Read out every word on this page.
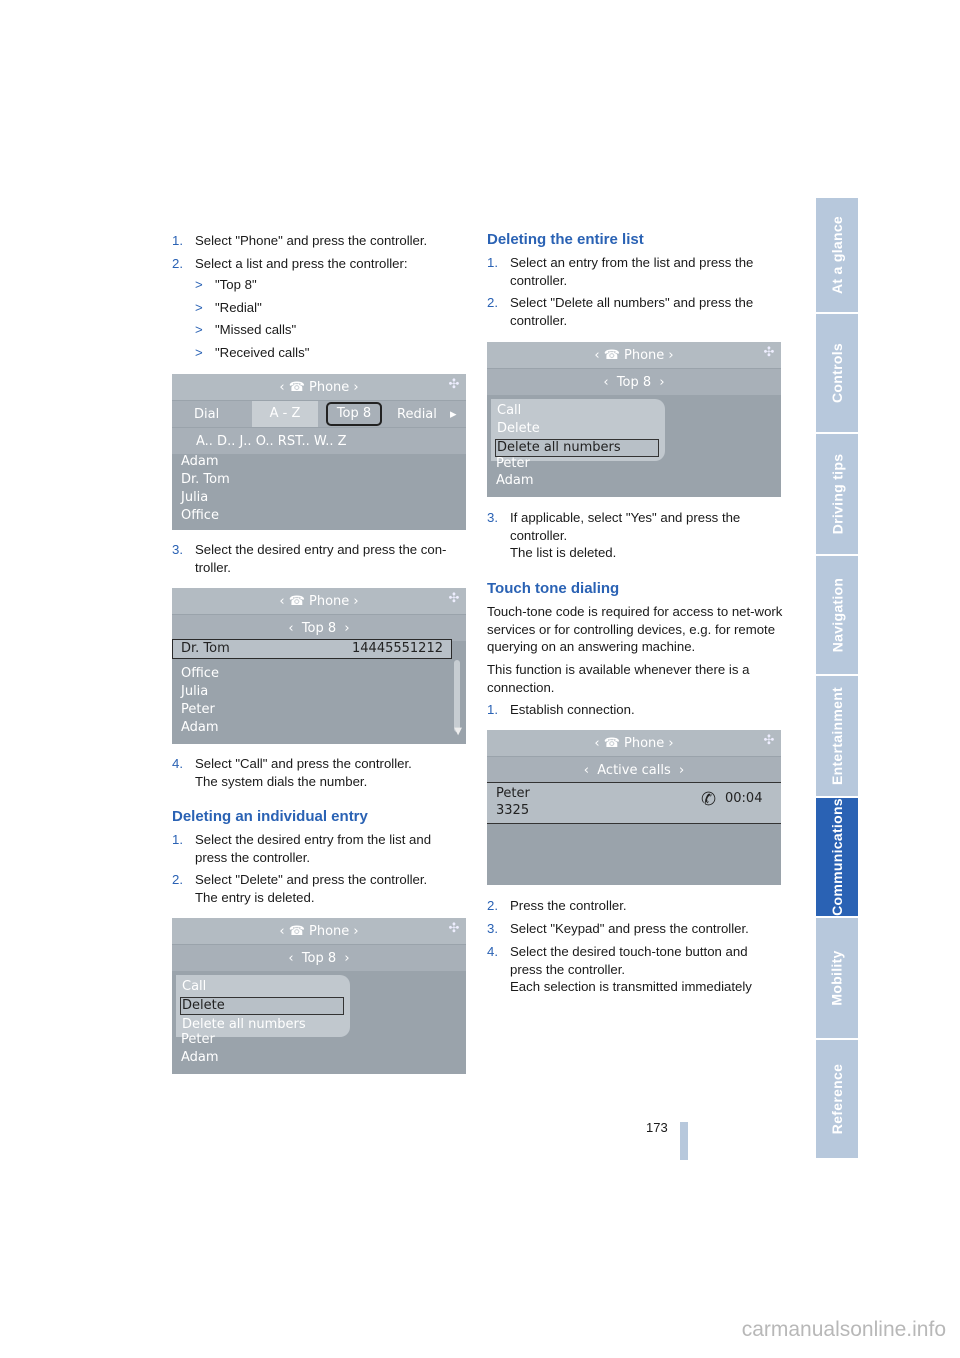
At a glance
Controls
Driving tips
Navigation
Entertainment
Communications
Mobility
Reference
1. Select "Phone" and press the controller.
2. Select a list and press the controller:
> "Top 8"
> "Redial"
> "Missed calls"
> "Received calls"
‹ ☎ Phone ›	✣
Dial	A - Z	Top 8	Redial ▸
A.. D.. J.. O.. RST.. W.. Z
Adam
Dr. Tom
Julia
Office
3. Select the desired entry and press the con-troller.
‹ ☎ Phone ›	✣
‹ Top 8 ›
Dr. Tom	14445551212
Office
Julia
Peter
Adam	▼
4. Select "Call" and press the controller.
The system dials the number.
Deleting an individual entry
1. Select the desired entry from the list and press the controller.
2. Select "Delete" and press the controller.
The entry is deleted.
‹ ☎ Phone ›	✣
‹ Top 8 ›
Call
Delete
Delete all numbers
Peter
Adam
Deleting the entire list
1. Select an entry from the list and press the controller.
2. Select "Delete all numbers" and press the controller.
‹ ☎ Phone ›	✣
‹ Top 8 ›
Call
Delete
Delete all numbers
Peter
Adam
3. If applicable, select "Yes" and press the controller.
The list is deleted.
Touch tone dialing
Touch-tone code is required for access to net-work services or for controlling devices, e.g. for remote querying on an answering machine.
This function is available whenever there is a connection.
1. Establish connection.
‹ ☎ Phone ›	✣
‹ Active calls ›
Peter
3325
✆ 00:04
2. Press the controller.
3. Select "Keypad" and press the controller.
4. Select the desired touch-tone button and press the controller.
Each selection is transmitted immediately
173
carmanualsonline.info
